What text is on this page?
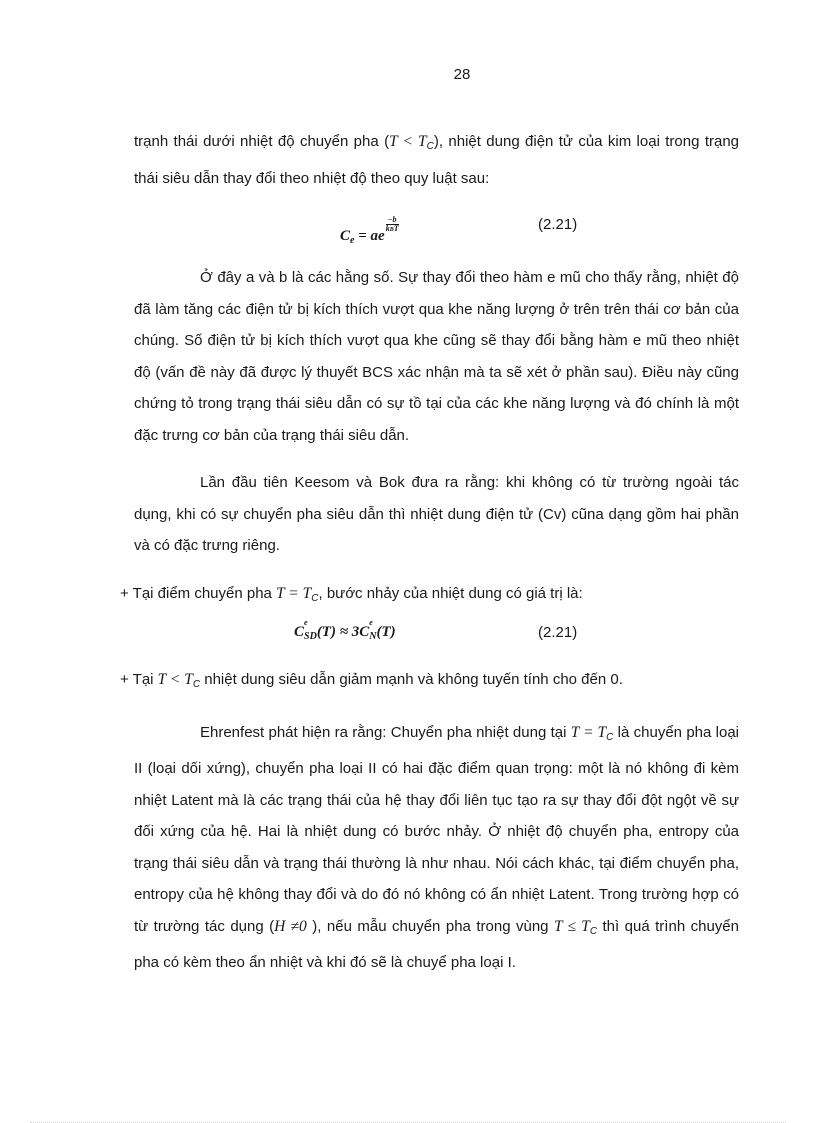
28

trạnh thái dưới nhiệt độ chuyển pha $(T < T_C)$, nhiệt dung điện tử của kim loại trong trạng thái siêu dẫn thay đổi theo nhiệt độ theo quy luật sau:

$C_e$ = ae
$\frac{-b}{\text{kBT}}$	(2.21)

Ở đây a và b là các hằng số. Sự thay đổi theo hàm e mũ cho thấy rằng, nhiệt độ đã làm tăng các điện tử bị kích thích vượt qua khe năng lượng ở trên trên thái cơ bản của chúng. Số điện tử bị kích thích vượt qua khe cũng sẽ thay đổi bằng hàm e mũ theo nhiệt độ (vấn đề này đã được lý thuyết BCS xác nhận mà ta sẽ xét ở phần sau). Điều này cũng chứng tỏ trong trạng thái siêu dẫn có sự tồ tại của các khe năng lượng và đó chính là một đặc trưng cơ bản của trạng thái siêu dẫn.

Lần đầu tiên Keesom và Bok đưa ra rằng: khi không có từ trường ngoài tác dụng, khi có sự chuyển pha siêu dẫn thì nhiệt dung điện tử (Cv) cũna dạng gồm hai phần và có đặc trưng riêng.

+ Tại điểm chuyển pha $T = T_C$, bước nhảy của nhiệt dung có giá trị là:

C
e
$_{SD}$(T) ≈ 3C
e
$_N$(T)	(2.21)

+ Tại $T < T_C$ nhiệt dung siêu dẫn giảm mạnh và không tuyến tính cho đến 0.

Ehrenfest phát hiện ra rằng: Chuyển pha nhiệt dung tại $T = T_C$ là chuyển pha loại II (loại dối xứng), chuyển pha loại II có hai đặc điểm quan trọng: một là nó không đi kèm nhiệt Latent mà là các trạng thái của hệ thay đổi liên tục tạo ra sự thay đổi đột ngột về sự đối xứng của hệ. Hai là nhiệt dung có bước nhảy. Ở nhiệt độ chuyển pha, entropy của trạng thái siêu dẫn và trạng thái thường là như nhau. Nói cách khác, tại điểm chuyển pha, entropy của hệ không thay đổi và do đó nó không có ẩn nhiệt Latent. Trong trường hợp có từ trường tác dụng (H ≠0 ), nếu mẫu chuyển pha trong vùng $T \le T_C$ thì quá trình chuyển pha có kèm theo ẩn nhiệt và khi đó sẽ là chuyể pha loại I.
